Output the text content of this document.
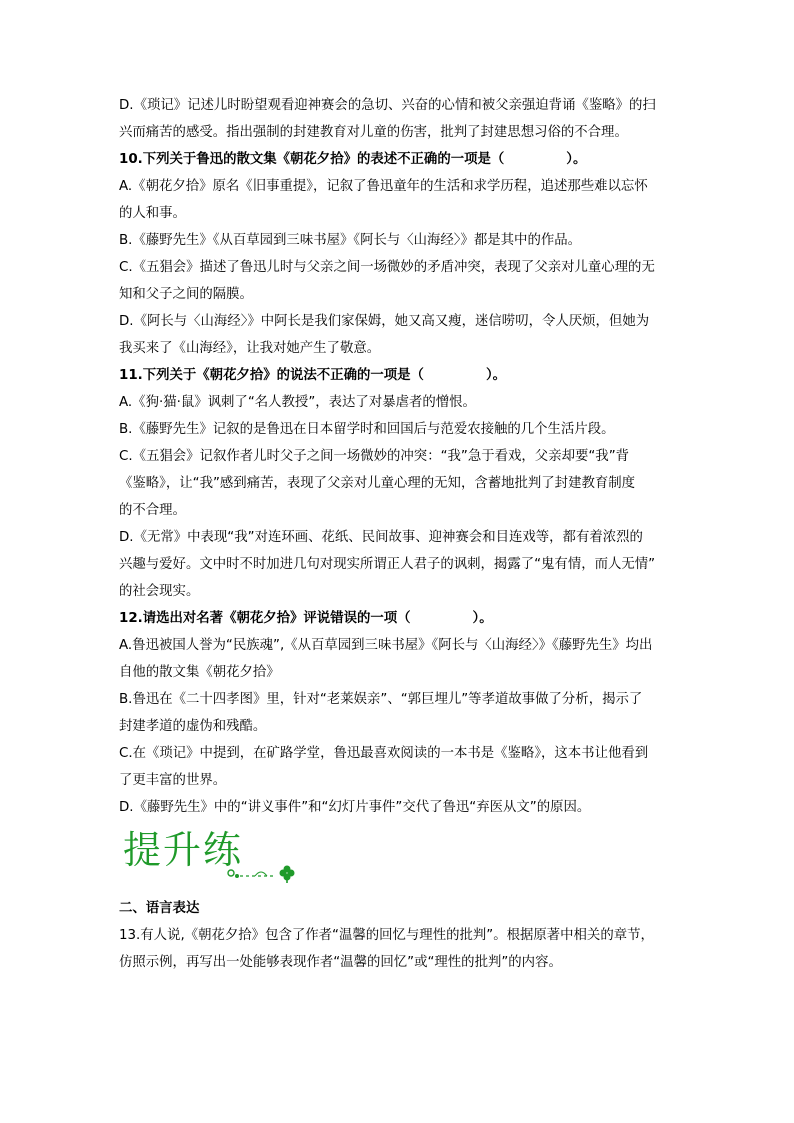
D.《琐记》记述儿时盼望观看迎神赛会的急切、兴奋的心情和被父亲强迫背诵《鉴略》的扫
兴而痛苦的感受。指出强制的封建教育对儿童的伤害，批判了封建思想习俗的不合理。
10.下列关于鲁迅的散文集《朝花夕拾》的表述不正确的一项是（	）。
A.《朝花夕拾》原名《旧事重提》，记叙了鲁迅童年的生活和求学历程，追述那些难以忘怀
的人和事。
B.《藤野先生》《从百草园到三味书屋》《阿长与〈山海经〉》都是其中的作品。
C.《五猖会》描述了鲁迅儿时与父亲之间一场微妙的矛盾冲突，表现了父亲对儿童心理的无
知和父子之间的隔膜。
D.《阿长与〈山海经〉》中阿长是我们家保姆，她又高又瘦，迷信唠叨，令人厌烦，但她为
我买来了《山海经》，让我对她产生了敬意。
11.下列关于《朝花夕拾》的说法不正确的一项是（	）。
A.《狗·猫·鼠》讽刺了“名人教授”，表达了对暴虐者的憎恨。
B.《藤野先生》记叙的是鲁迅在日本留学时和回国后与范爱农接触的几个生活片段。
C.《五猖会》记叙作者儿时父子之间一场微妙的冲突：“我”急于看戏，父亲却要“我”背
《鉴略》，让“我”感到痛苦，表现了父亲对儿童心理的无知，含蓄地批判了封建教育制度
的不合理。
D.《无常》中表现“我”对连环画、花纸、民间故事、迎神赛会和目连戏等，都有着浓烈的
兴趣与爱好。文中时不时加进几句对现实所谓正人君子的讽刺，揭露了“鬼有情，而人无情”
的社会现实。
12.请选出对名著《朝花夕拾》评说错误的一项（	）。
A.鲁迅被国人誉为“民族魂”,《从百草园到三味书屋》《阿长与〈山海经〉》《藤野先生》均出
自他的散文集《朝花夕拾》
B.鲁迅在《二十四孝图》里，针对“老莱娱亲”、“郭巨埋儿”等孝道故事做了分析，揭示了
封建孝道的虚伪和残酷。
C.在《琐记》中提到，在矿路学堂，鲁迅最喜欢阅读的一本书是《鉴略》，这本书让他看到
了更丰富的世界。
D.《藤野先生》中的“讲义事件”和“幻灯片事件”交代了鲁迅“弃医从文”的原因。
提升练
二、语言表达
13.有人说,《朝花夕拾》包含了作者“温馨的回忆与理性的批判”。根据原著中相关的章节，
仿照示例，再写出一处能够表现作者“温馨的回忆”或“理性的批判”的内容。
